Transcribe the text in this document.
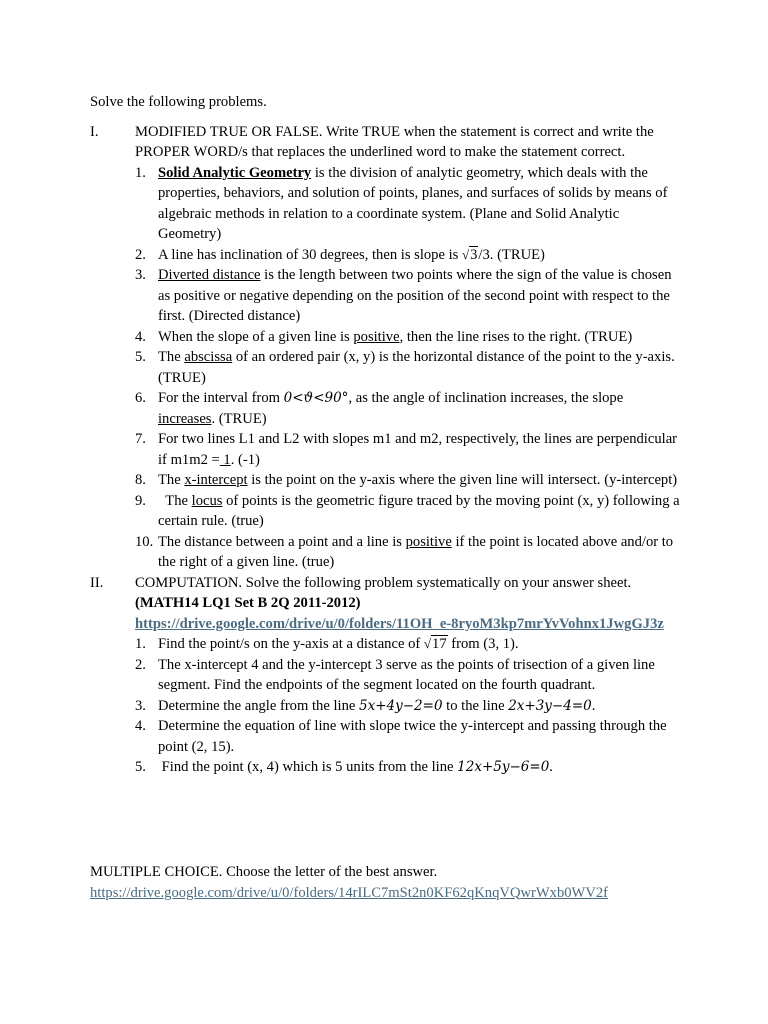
Solve the following problems.

I. MODIFIED TRUE OR FALSE. Write TRUE when the statement is correct and write the PROPER WORD/s that replaces the underlined word to make the statement correct.
1. Solid Analytic Geometry is the division of analytic geometry, which deals with the properties, behaviors, and solution of points, planes, and surfaces of solids by means of algebraic methods in relation to a coordinate system. (Plane and Solid Analytic Geometry)
2. A line has inclination of 30 degrees, then is slope is √3/3. (TRUE)
3. Diverted distance is the length between two points where the sign of the value is chosen as positive or negative depending on the position of the second point with respect to the first. (Directed distance)
4. When the slope of a given line is positive, then the line rises to the right. (TRUE)
5. The abscissa of an ordered pair (x, y) is the horizontal distance of the point to the y-axis. (TRUE)
6. For the interval from 0<ϑ<90°, as the angle of inclination increases, the slope increases. (TRUE)
7. For two lines L1 and L2 with slopes m1 and m2, respectively, the lines are perpendicular if m1m2 = 1. (-1)
8. The x-intercept is the point on the y-axis where the given line will intersect. (y-intercept)
9. The locus of points is the geometric figure traced by the moving point (x, y) following a certain rule. (true)
10. The distance between a point and a line is positive if the point is located above and/or to the right of a given line. (true)
II. COMPUTATION. Solve the following problem systematically on your answer sheet.
(MATH14 LQ1 Set B 2Q 2011-2012)
https://drive.google.com/drive/u/0/folders/11OH_e-8ryoM3kp7mrYvVohnx1JwgGJ3z
1. Find the point/s on the y-axis at a distance of √17 from (3, 1).
2. The x-intercept 4 and the y-intercept 3 serve as the points of trisection of a given line segment. Find the endpoints of the segment located on the fourth quadrant.
3. Determine the angle from the line 5x+4y−2=0 to the line 2x+3y−4=0.
4. Determine the equation of line with slope twice the y-intercept and passing through the point (2, 15).
5. Find the point (x, 4) which is 5 units from the line 12x+5y−6=0.
MULTIPLE CHOICE. Choose the letter of the best answer.
https://drive.google.com/drive/u/0/folders/14rILC7mSt2n0KF62qKnqVQwrWxb0WV2f
